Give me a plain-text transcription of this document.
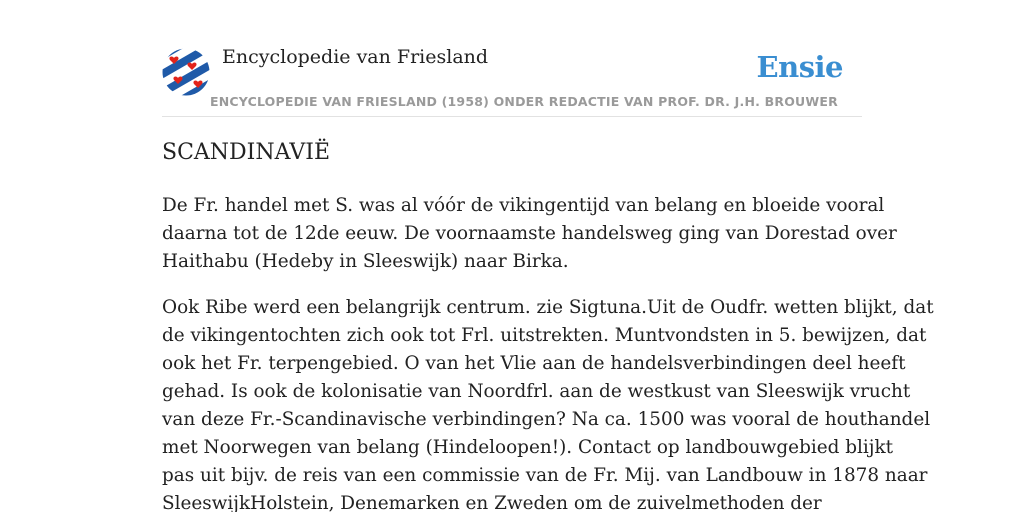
Encyclopedie van Friesland
ENCYCLOPEDIE VAN FRIESLAND (1958) ONDER REDACTIE VAN PROF. DR. J.H. BROUWER
Ensie
SCANDINAVIË

De Fr. handel met S. was al vóór de vikingentijd van belang en bloeide vooral
daarna tot de 12de eeuw. De voornaamste handelsweg ging van Dorestad over
Haithabu (Hedeby in Sleeswijk) naar Birka.

Ook Ribe werd een belangrijk centrum. zie Sigtuna.Uit de Oudfr. wetten blijkt, dat
de vikingentochten zich ook tot Frl. uitstrekten. Muntvondsten in 5. bewijzen, dat
ook het Fr. terpengebied. O van het Vlie aan de handelsverbindingen deel heeft
gehad. Is ook de kolonisatie van Noordfrl. aan de westkust van Sleeswijk vrucht
van deze Fr.-Scandinavische verbindingen? Na ca. 1500 was vooral de houthandel
met Noorwegen van belang (Hindeloopen!). Contact op landbouwgebied blijkt
pas uit bijv. de reis van een commissie van de Fr. Mij. van Landbouw in 1878 naar
SleeswijkHolstein, Denemarken en Zweden om de zuivelmethoden der
